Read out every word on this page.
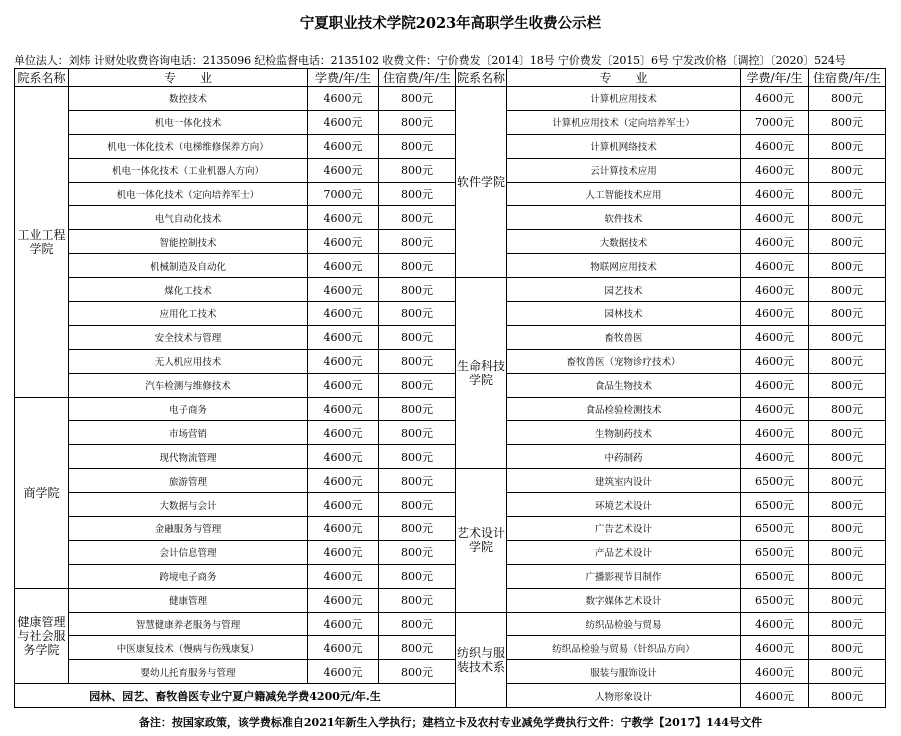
宁夏职业技术学院2023年高职学生收费公示栏
单位法人：刘炜 计财处收费咨询电话：2135096 纪检监督电话：2135102 收费文件：宁价费发〔2014〕18号 宁价费发〔2015〕6号 宁发改价格〔调控〕〔2020〕524号
院系名称	专　　业	学费/年/生	住宿费/年/生	院系名称	专　　业	学费/年/生	住宿费/年/生
工业工程学院	数控技术	4600元	800元	软件学院	计算机应用技术	4600元	800元
	机电一体化技术	4600元	800元		计算机应用技术（定向培养军士）	7000元	800元
	机电一体化技术（电梯维修保养方向）	4600元	800元		计算机网络技术	4600元	800元
	机电一体化技术（工业机器人方向）	4600元	800元		云计算技术应用	4600元	800元
	机电一体化技术（定向培养军士）	7000元	800元		人工智能技术应用	4600元	800元
	电气自动化技术	4600元	800元		软件技术	4600元	800元
	智能控制技术	4600元	800元		大数据技术	4600元	800元
	机械制造及自动化	4600元	800元		物联网应用技术	4600元	800元
	煤化工技术	4600元	800元	生命科技学院	园艺技术	4600元	800元
	应用化工技术	4600元	800元		园林技术	4600元	800元
	安全技术与管理	4600元	800元		畜牧兽医	4600元	800元
	无人机应用技术	4600元	800元		畜牧兽医（宠物诊疗技术）	4600元	800元
	汽车检测与维修技术	4600元	800元		食品生物技术	4600元	800元
商学院	电子商务	4600元	800元		食品检验检测技术	4600元	800元
	市场营销	4600元	800元		生物制药技术	4600元	800元
	现代物流管理	4600元	800元		中药制药	4600元	800元
	旅游管理	4600元	800元	艺术设计学院	建筑室内设计	6500元	800元
	大数据与会计	4600元	800元		环境艺术设计	6500元	800元
	金融服务与管理	4600元	800元		广告艺术设计	6500元	800元
	会计信息管理	4600元	800元		产品艺术设计	6500元	800元
	跨境电子商务	4600元	800元		广播影视节目制作	6500元	800元
健康管理与社会服务学院	健康管理	4600元	800元		数字媒体艺术设计	6500元	800元
	智慧健康养老服务与管理	4600元	800元	纺织与服装技术系	纺织品检验与贸易	4600元	800元
	中医康复技术（慢病与伤残康复）	4600元	800元		纺织品检验与贸易（针织品方向）	4600元	800元
	婴幼儿托育服务与管理	4600元	800元		服装与服饰设计	4600元	800元
园林、园艺、畜牧兽医专业宁夏户籍减免学费4200元/年.生					人物形象设计	4600元	800元
备注：按国家政策，该学费标准自2021年新生入学执行；建档立卡及农村专业减免学费执行文件：宁教学【2017】144号文件
